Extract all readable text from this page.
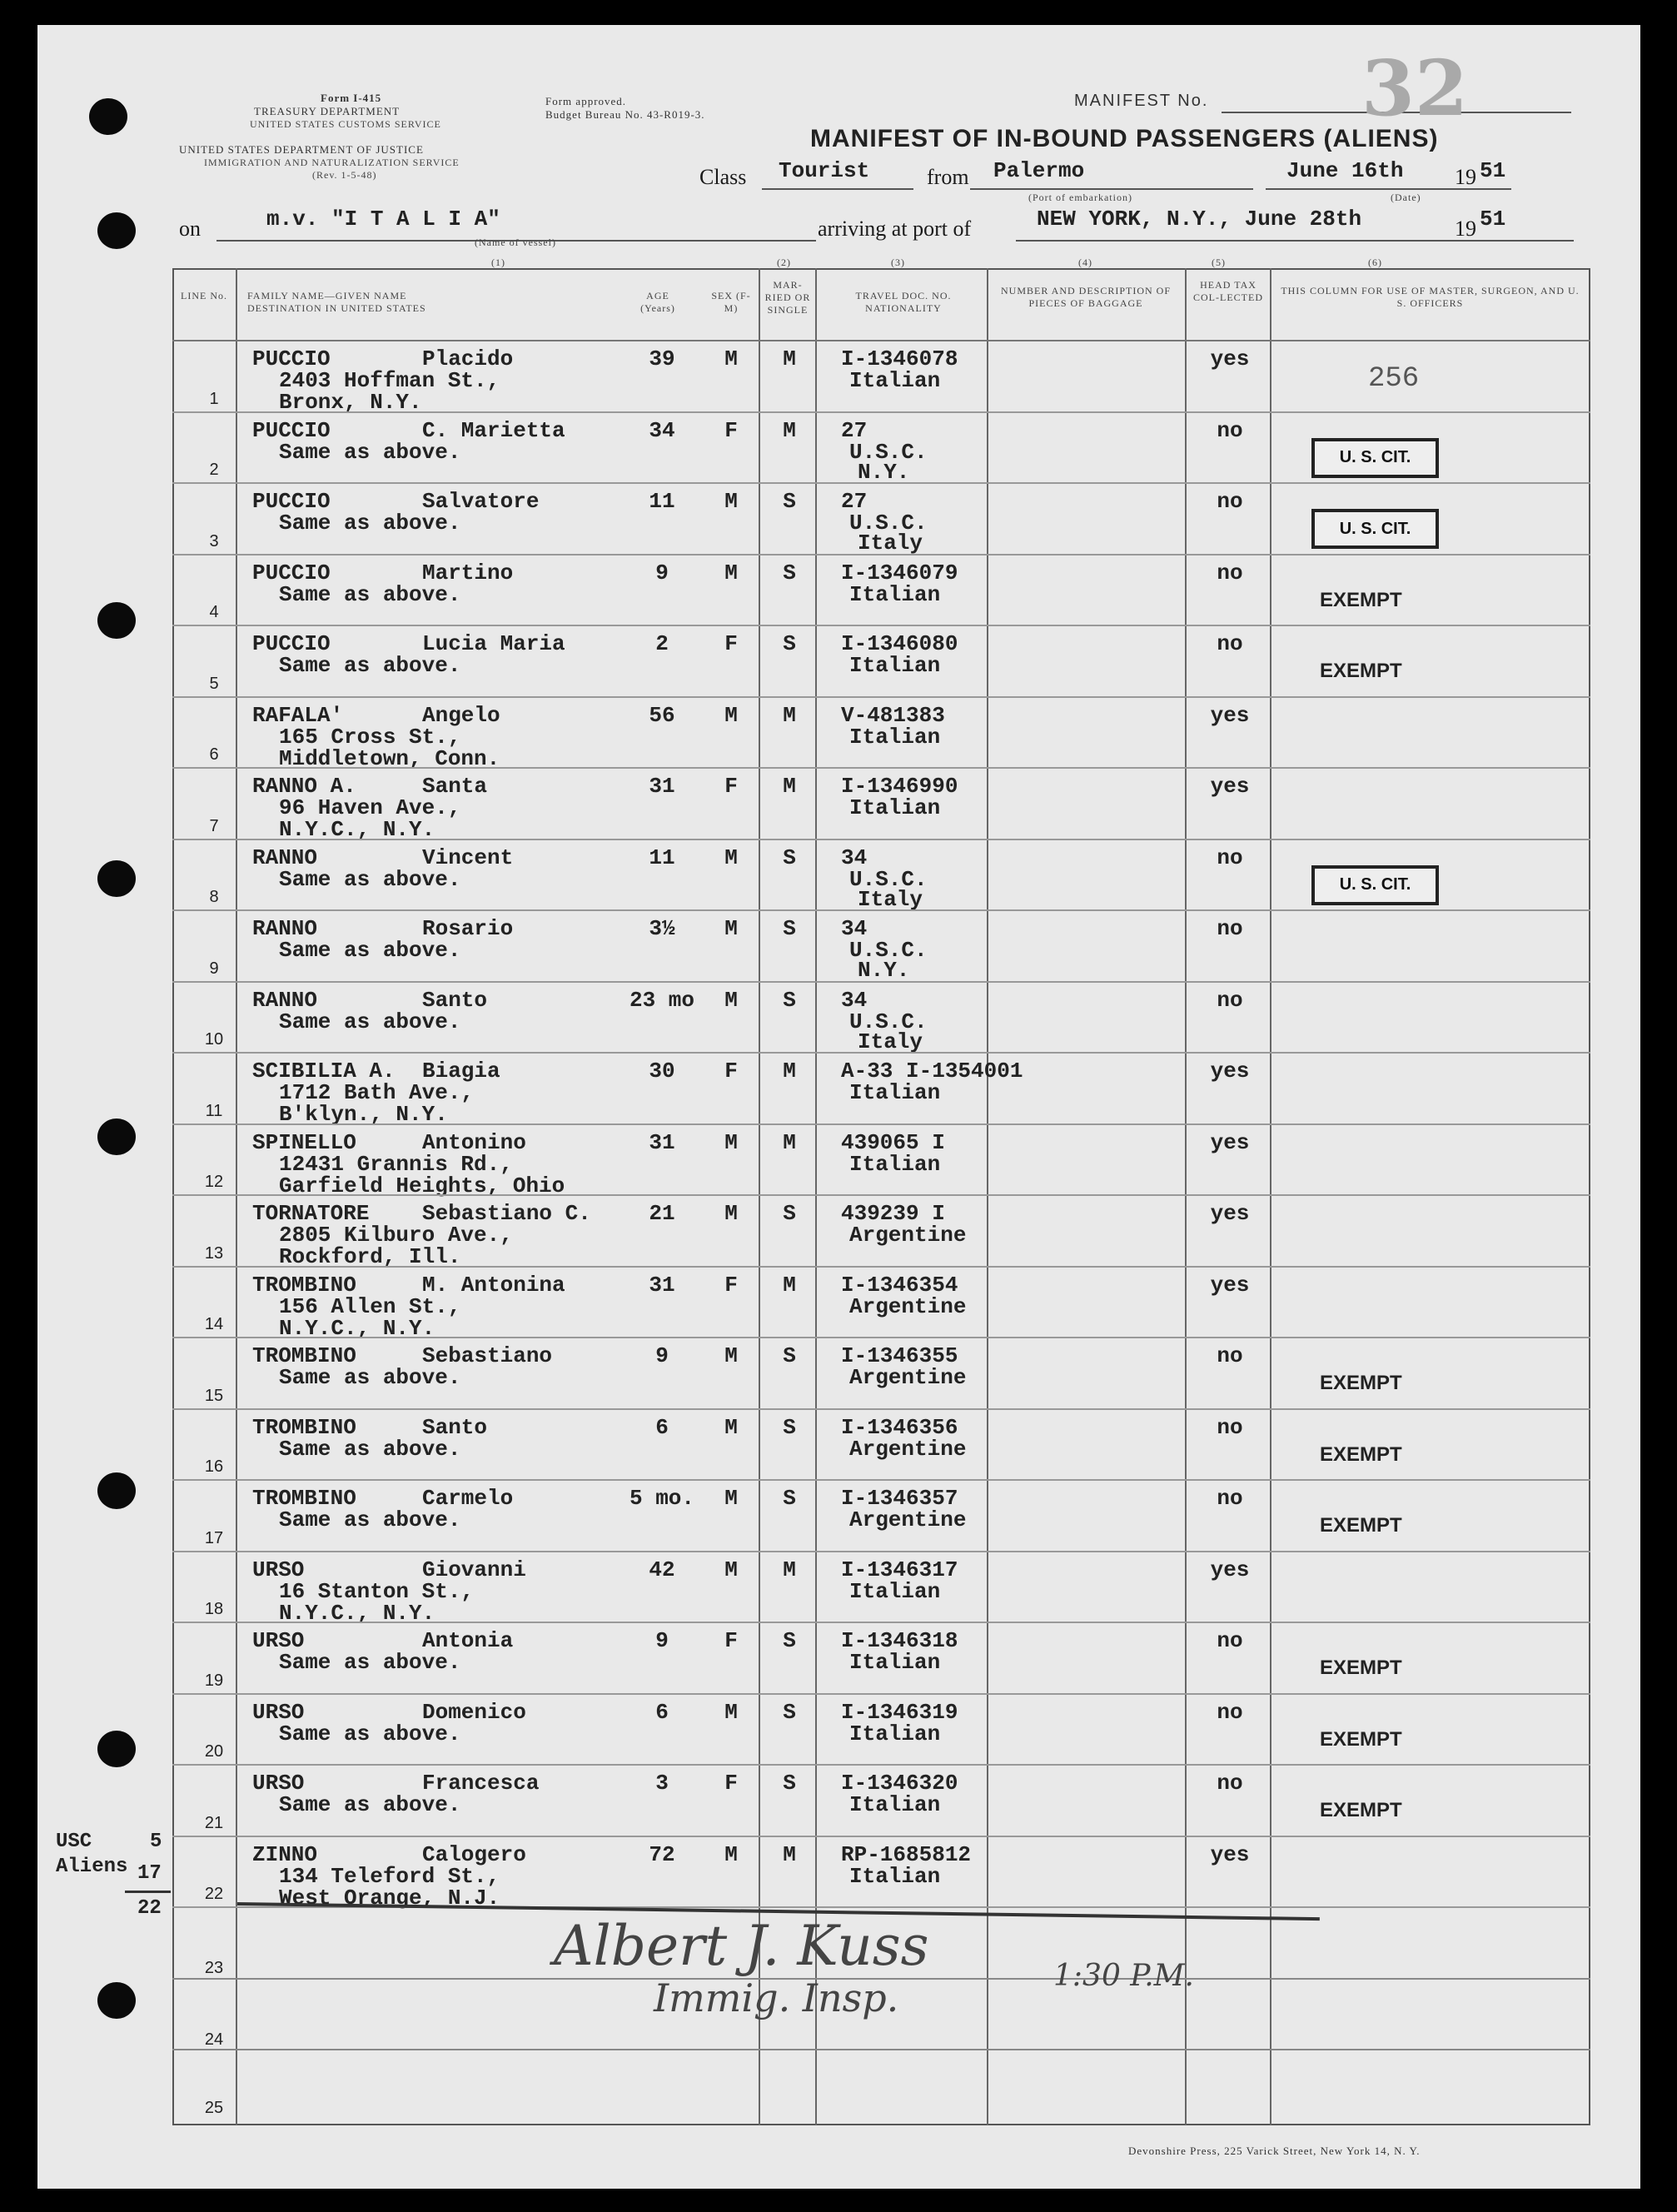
Form I-415
TREASURY DEPARTMENT
UNITED STATES CUSTOMS SERVICE
UNITED STATES DEPARTMENT OF JUSTICE
IMMIGRATION AND NATURALIZATION SERVICE
(Rev. 1-5-48)
Form approved.
Budget Bureau No. 43-R019-3.
MANIFEST No. 32
MANIFEST OF IN-BOUND PASSENGERS (ALIENS)
Class Tourist	from Palermo
(Port of embarkation)
June 16th 19 51
(Date)
on	m.v. "I T A L I A"
(Name of vessel)
arriving at port of	NEW YORK, N.Y., June 28th	19 51
(1)	(2)	(3)	(4)	(5)	(6)
LINE No.	FAMILY NAME—GIVEN NAME DESTINATION IN UNITED STATES
AGE (Years)
SEX (F-M)
MAR-RIED OR SINGLE
TRAVEL DOC. NO. NATIONALITY
NUMBER AND DESCRIPTION OF PIECES OF BAGGAGE
HEAD TAX COL-LECTED
THIS COLUMN FOR USE OF MASTER, SURGEON, AND U. S. OFFICERS
PUCCIO	Placido
2403 Hoffman St.,
Bronx, N.Y.
39	M	M	I-1346078
Italian
yes
1
256
PUCCIO	C. Marietta
Same as above.
34	F	M	27
U.S.C.
N.Y.
no
2
U. S. CIT.
PUCCIO	Salvatore
Same as above.
11	M	S	27
U.S.C.
Italy
no
3
U. S. CIT.
PUCCIO	Martino
Same as above.
9	M	S	I-1346079
Italian
no
4
EXEMPT
PUCCIO	Lucia Maria
Same as above.
2	F	S	I-1346080
Italian
no
5
EXEMPT
RAFALA'	Angelo
165 Cross St.,
Middletown, Conn.
56	M	M	V-481383
Italian
yes
6
RANNO A.	Santa
96 Haven Ave.,
N.Y.C., N.Y.
31	F	M	I-1346990
Italian
yes
7
RANNO	Vincent
Same as above.
11	M	S	34
U.S.C.
Italy
no
8
U. S. CIT.
RANNO	Rosario
Same as above.
3½	M	S	34
U.S.C.
N.Y.
no
9
RANNO	Santo
Same as above.
23 mo	M	S	34
U.S.C.
Italy
no
10
SCIBILIA A. Biagia
1712 Bath Ave.,
B'klyn., N.Y.
30	F	M	A-33 I-1354001
Italian
yes
11
SPINELLO	Antonino
12431 Grannis Rd.,
Garfield Heights, Ohio
31	M	M	439065 I
Italian
yes
12
TORNATORE Sebastiano C.
2805 Kilburo Ave.,
Rockford, Ill.
21	M	S	439239 I
Argentine
yes
13
TROMBINO	M. Antonina
156 Allen St.,
N.Y.C., N.Y.
31	F	M	I-1346354
Argentine
yes
14
TROMBINO	Sebastiano
Same as above.
9	M	S	I-1346355
Argentine
no
15
EXEMPT
TROMBINO	Santo
Same as above.
6	M	S	I-1346356
Argentine
no
16
EXEMPT
TROMBINO	Carmelo
Same as above.
5 mo.	M	S	I-1346357
Argentine
no
17
EXEMPT
URSO	Giovanni
16 Stanton St.,
N.Y.C., N.Y.
42	M	M	I-1346317
Italian
yes
18
URSO	Antonia
Same as above.
9	F	S	I-1346318
Italian
no
19
EXEMPT
URSO	Domenico
Same as above.
6	M	S	I-1346319
Italian
no
20
EXEMPT
URSO	Francesca
Same as above.
3	F	S	I-1346320
Italian
no
21
EXEMPT
ZINNO	Calogero
134 Teleford St.,
West Orange, N.J.
72	M	M	RP-1685812
Italian
yes
22
23
24
25
Albert J. Kuss
Immig. Insp.	1:30 P.M.
USC	5
Aliens 17
22
Devonshire Press, 225 Varick Street, New York 14, N. Y.
